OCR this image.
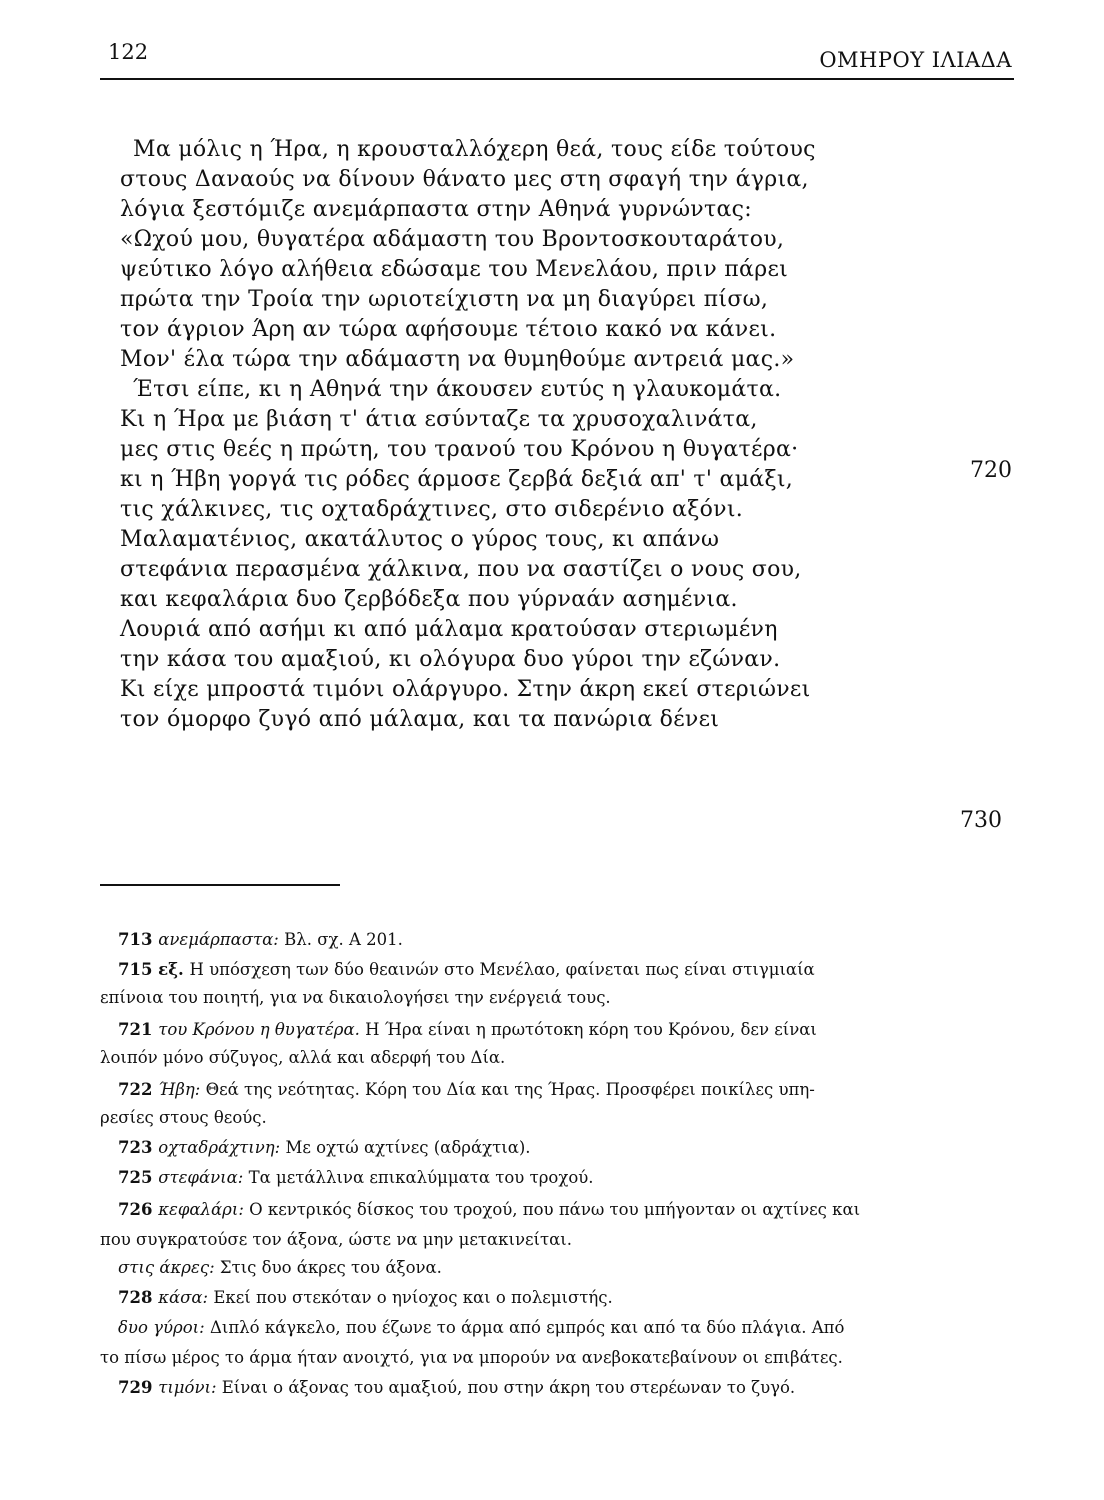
122	ΟΜΗΡΟΥ ΙΛΙΑΔΑ
Μα μόλις η Ήρα, η κρουσταλλόχερη θεά, τους είδε τούτους
στους Δαναούς να δίνουν θάνατο μες στη σφαγή την άγρια,
λόγια ξεστόμιζε ανεμάρπαστα στην Αθηνά γυρνώντας:
«Ωχού μου, θυγατέρα αδάμαστη του Βροντοσκουταράτου,
ψεύτικο λόγο αλήθεια εδώσαμε του Μενελάου, πριν πάρει
πρώτα την Τροία την ωριοτείχιστη να μη διαγύρει πίσω,
τον άγριον Άρη αν τώρα αφήσουμε τέτοιο κακό να κάνει.
Μον' έλα τώρα την αδάμαστη να θυμηθούμε αντρειά μας.»
Έτσι είπε, κι η Αθηνά την άκουσεν ευτύς η γλαυκομάτα.
Κι η Ήρα με βιάση τ' άτια εσύνταζε τα χρυσοχαλινάτα,
μες στις θεές η πρώτη, του τρανού του Κρόνου η θυγατέρα·
κι η Ήβη γοργά τις ρόδες άρμοσε ζερβά δεξιά απ' τ' αμάξι,
τις χάλκινες, τις οχταδράχτινες, στο σιδερένιο αξόνι.
Μαλαματένιος, ακατάλυτος ο γύρος τους, κι απάνω
στεφάνια περασμένα χάλκινα, που να σαστίζει ο νους σου,
και κεφαλάρια δυο ζερβόδεξα που γύρναάν ασημένια.
Λουριά από ασήμι κι από μάλαμα κρατούσαν στεριωμένη
την κάσα του αμαξιού, κι ολόγυρα δυο γύροι την εζώναν.
Κι είχε μπροστά τιμόνι ολάργυρο. Στην άκρη εκεί στεριώνει
τον όμορφο ζυγό από μάλαμα, και τα πανώρια δένει
720
730
713 ανεμάρπαστα: Βλ. σχ. Α 201.
715 εξ. Η υπόσχεση των δύο θεαινών στο Μενέλαο, φαίνεται πως είναι στιγμιαία
επίνοια του ποιητή, για να δικαιολογήσει την ενέργειά τους.
721 του Κρόνου η θυγατέρα. Η Ήρα είναι η πρωτότοκη κόρη του Κρόνου, δεν είναι
λοιπόν μόνο σύζυγος, αλλά και αδερφή του Δία.
722 Ήβη: Θεά της νεότητας. Κόρη του Δία και της Ήρας. Προσφέρει ποικίλες υπη-
ρεσίες στους θεούς.
723 οχταδράχτινη: Με οχτώ αχτίνες (αδράχτια).
725 στεφάνια: Τα μετάλλινα επικαλύμματα του τροχού.
726 κεφαλάρι: Ο κεντρικός δίσκος του τροχού, που πάνω του μπήγονταν οι αχτίνες και
που συγκρατούσε τον άξονα, ώστε να μην μετακινείται.
στις άκρες: Στις δυο άκρες του άξονα.
728 κάσα: Εκεί που στεκόταν ο ηνίοχος και ο πολεμιστής.
δυο γύροι: Διπλό κάγκελο, που έζωνε το άρμα από εμπρός και από τα δύο πλάγια. Από
το πίσω μέρος το άρμα ήταν ανοιχτό, για να μπορούν να ανεβοκατεβαίνουν οι επιβάτες.
729 τιμόνι: Είναι ο άξονας του αμαξιού, που στην άκρη του στερέωναν το ζυγό.
